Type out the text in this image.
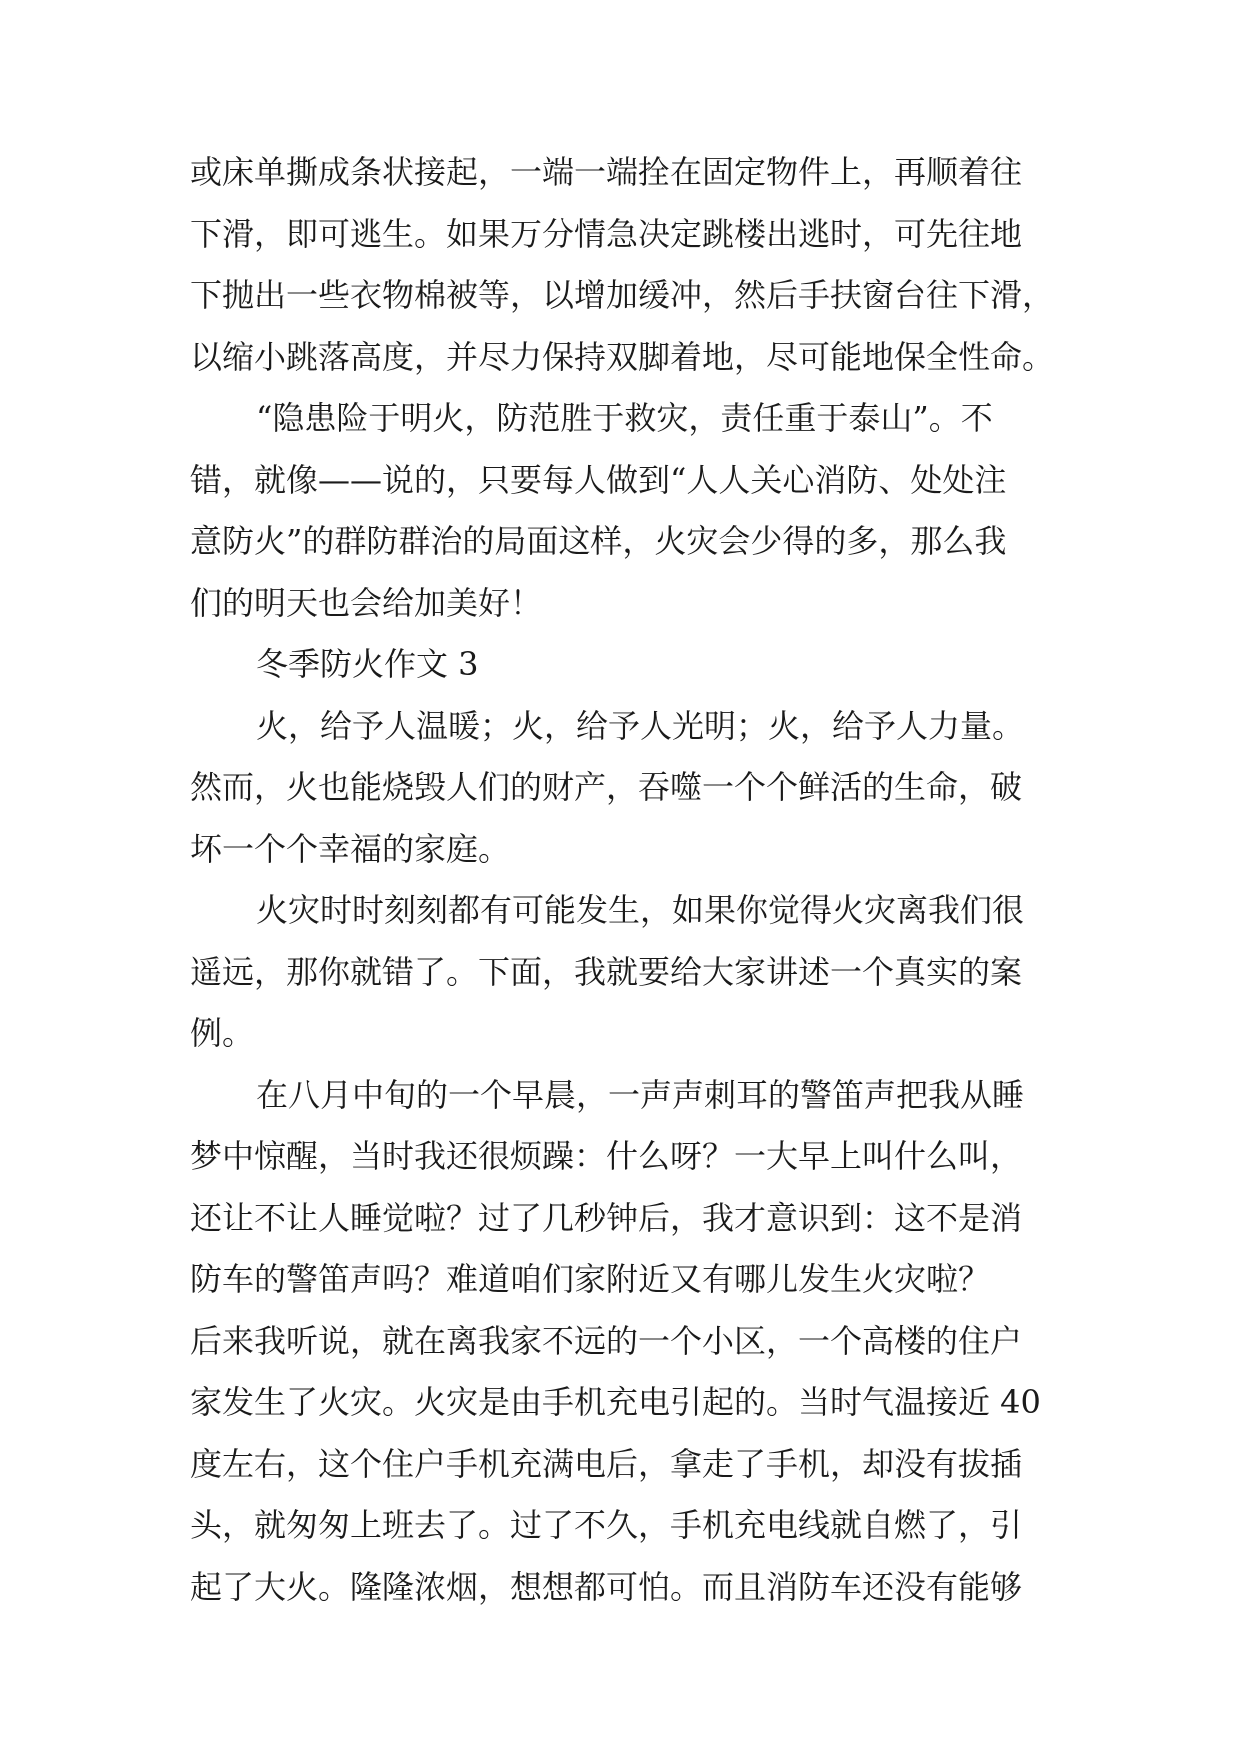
或床单撕成条状接起，一端一端拴在固定物件上，再顺着往
下滑，即可逃生。如果万分情急决定跳楼出逃时，可先往地
下抛出一些衣物棉被等，以增加缓冲，然后手扶窗台往下滑，
以缩小跳落高度，并尽力保持双脚着地，尽可能地保全性命。
“隐患险于明火，防范胜于救灾，责任重于泰山”。不
错，就像——说的，只要每人做到“人人关心消防、处处注
意防火”的群防群治的局面这样，火灾会少得的多，那么我
们的明天也会给加美好！
冬季防火作文 3
火，给予人温暖；火，给予人光明；火，给予人力量。
然而，火也能烧毁人们的财产，吞噬一个个鲜活的生命，破
坏一个个幸福的家庭。
火灾时时刻刻都有可能发生，如果你觉得火灾离我们很
遥远，那你就错了。下面，我就要给大家讲述一个真实的案
例。
在八月中旬的一个早晨，一声声刺耳的警笛声把我从睡
梦中惊醒，当时我还很烦躁：什么呀？一大早上叫什么叫，
还让不让人睡觉啦？过了几秒钟后，我才意识到：这不是消
防车的警笛声吗？难道咱们家附近又有哪儿发生火灾啦？
后来我听说，就在离我家不远的一个小区，一个高楼的住户
家发生了火灾。火灾是由手机充电引起的。当时气温接近 40
度左右，这个住户手机充满电后，拿走了手机，却没有拔插
头，就匆匆上班去了。过了不久，手机充电线就自燃了，引
起了大火。隆隆浓烟，想想都可怕。而且消防车还没有能够
